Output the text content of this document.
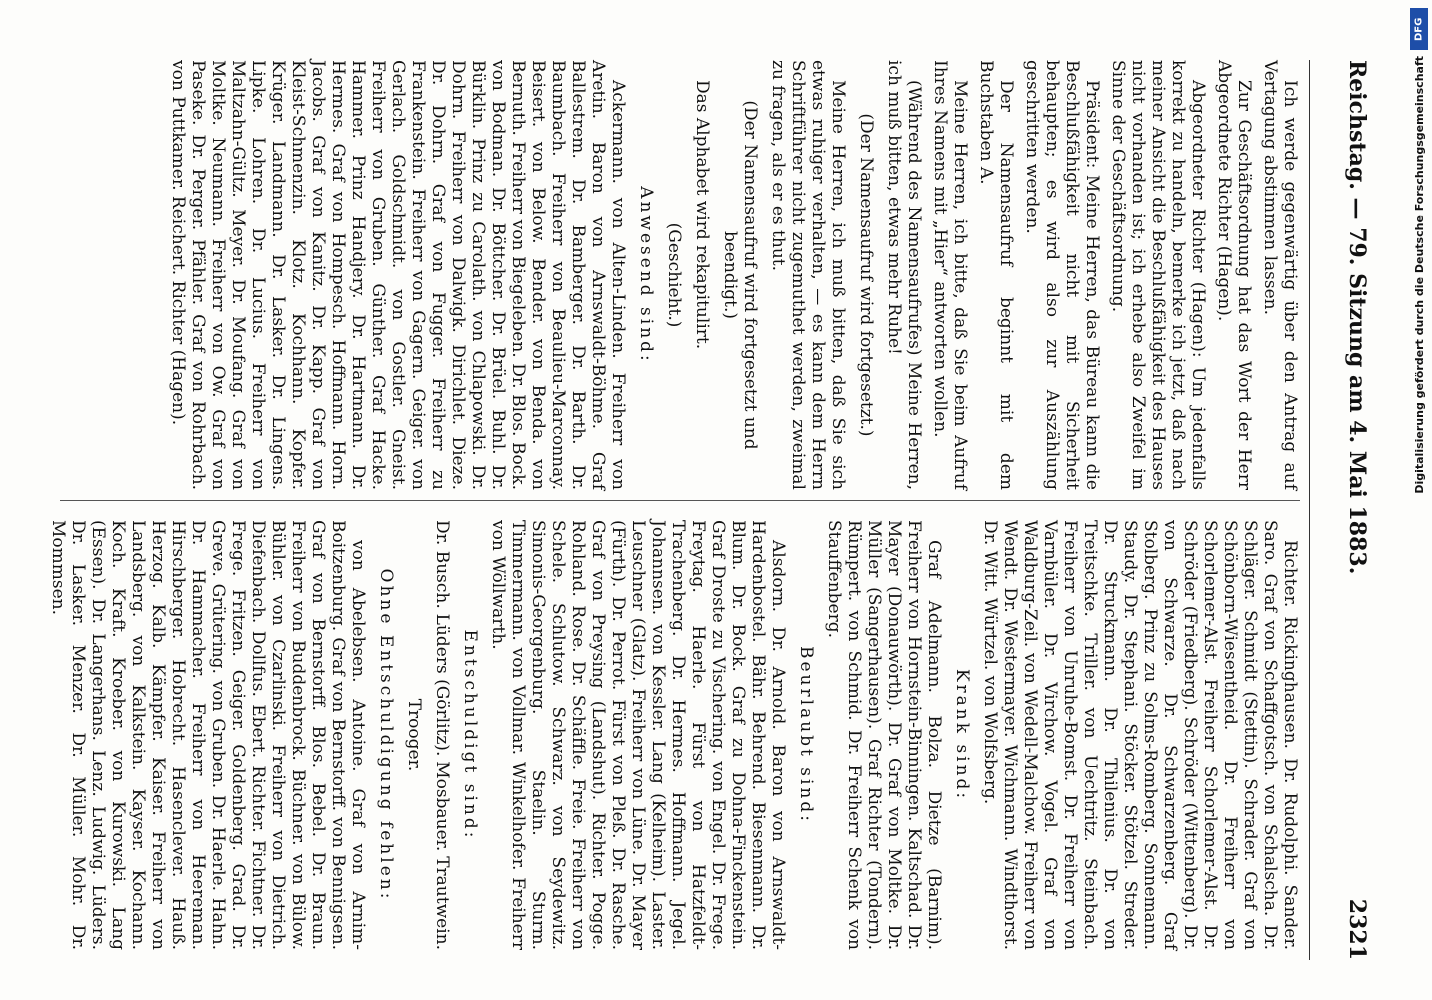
Reichstag. — 79. Sitzung am 4. Mai 1883.
2321

Ich werde gegenwärtig über den Antrag auf Vertagung abstimmen lassen.

Zur Geschäftsordnung hat das Wort der Herr Abgeordnete Richter (Hagen).

Abgeordneter Richter (Hagen): Um jedenfalls korrekt zu handeln, bemerke ich jetzt, daß nach meiner Ansicht die Beschlußfähigkeit des Hauses nicht vorhanden ist; ich erhebe also Zweifel im Sinne der Geschäftsordnung.

Präsident: Meine Herren, das Büreau kann die Beschlußfähigkeit nicht mit Sicherheit behaupten; es wird also zur Auszählung geschritten werden.

Der Namensaufruf beginnt mit dem Buchstaben A.

Meine Herren, ich bitte, daß Sie beim Aufruf Ihres Namens mit „Hier“ antworten wollen.

(Während des Namensaufrufes) Meine Herren, ich muß bitten, etwas mehr Ruhe!

(Der Namensaufruf wird fortgesetzt.)

Meine Herren, ich muß bitten, daß Sie sich etwas ruhiger verhalten, — es kann dem Herrn Schriftführer nicht zugemuthet werden, zweimal zu fragen, als er es thut.

(Der Namensaufruf wird fortgesetzt und beendigt.)

Das Alphabet wird rekapitulirt.

(Geschieht.)

Anwesend sind:

Ackermann. von Alten-Linden. Freiherr von Aretin. Baron von Arnswaldt-Böhme. Graf Ballestrem. Dr. Bamberger. Dr. Barth. Dr. Baumbach. Freiherr von Beaulieu-Marconnay. Beisert. von Below. Bender. von Benda. von Bernuth. Freiherr von Biegeleben. Dr. Blos. Bock. von Bodman. Dr. Böttcher. Dr. Brüel. Buhl. Dr. Bürklin. Prinz zu Carolath. von Chlapowski. Dr. Dohrn. Freiherr von Dalwigk. Dirichlet. Dieze. Dr. Dohrn. Graf von Fugger. Freiherr zu Frankenstein. Freiherr von Gagern. Geiger. von Gerlach. Goldschmidt. von Gostler. Gneist. Freiherr von Gruben. Günther. Graf Hacke. Hammer. Prinz Handjery. Dr. Hartmann. Dr. Hermes. Graf von Hompesch. Hoffmann. Horn. Jacobs. Graf von Kanitz. Dr. Kapp. Graf von Kleist-Schmenzin. Klotz. Kochhann. Kopfer. Krüger. Landmann. Dr. Lasker. Dr. Lingens. Lipke. Lohren. Dr. Lucius. Freiherr von Maltzahn-Gültz. Meyer. Dr. Moufang. Graf von Moltke. Neumann. Freiherr von Ow. Graf von Paseke. Dr. Perger. Pfähler. Graf von Rohrbach. von Puttkamer. Reichert. Richter (Hagen).

Richter. Rickinghausen. Dr. Rudolphi. Sander. Saro. Graf von Schaffgotsch. von Schalscha. Dr. Schläger. Schmidt (Stettin). Schrader. Graf von Schönborn-Wiesentheid. Dr. Freiherr von Schorlemer-Alst. Freiherr Schorlemer-Alst. Dr. Schröder (Friedberg). Schröder (Wittenberg). Dr. von Schwarze. Dr. Schwarzenberg. Graf Stolberg. Prinz zu Solms-Romberg. Sonnemann. Staudy. Dr. Stephani. Stöcker. Stötzel. Streder. Dr. Struckmann. Dr. Thilenius. Dr. von Treitschke. Triller. von Uechtritz. Steinbach. Freiherr von Unruhe-Bomst. Dr. Freiherr von Varnbüler. Dr. Virchow. Vogel. Graf von Waldburg-Zeil. von Wedell-Malchow. Freiherr von Wendt. Dr. Westermayer. Wichmann. Windthorst. Dr. Witt. Würtzel. von Wolfsberg.

Krank sind:

Graf Adelmann. Bolza. Dietze (Barnim). Freiherr von Hornstein-Binningen. Kaltschad. Dr. Mayer (Donauwörth). Dr. Graf von Moltke. Dr. Müller (Sangerhausen). Graf Richter (Tondern). Rümpert. von Schmid. Dr. Freiherr Schenk von Stauffenberg.

Beurlaubt sind:

Alsdorn. Dr. Arnold. Baron von Arnswaldt-Hardenbostel. Bähr. Behrend. Biesenmann. Dr. Blum. Dr. Bock. Graf zu Dohna-Finckenstein. Graf Droste zu Vischering. von Engel. Dr. Frege. Freytag. Haerle. Fürst von Hatzfeldt-Trachenberg. Dr. Hermes. Hoffmann. Jegel. Johannsen. von Kessler. Lang (Kelheim). Laster. Leuschner (Glatz). Freiherr von Lüne. Dr. Mayer (Fürth). Dr. Perrot. Fürst von Pleß. Dr. Rasche. Graf von Preysing (Landshut). Richter. Pogge. Rohland. Rose. Dr. Schäffle. Freie. Freiherr von Schele. Schlutow. Schwarz. von Seydewitz. Simonis-Georgenburg. Staelin. Sturm. Timmermann. von Vollmar. Winkelhofer. Freiherr von Wöllwarth.

Entschuldigt sind:

Dr. Busch.
Lüders (Görlitz).
Mosbauer.
Trautwein.

Trooger.

Ohne Entschuldigung fehlen:

von Abelebsen. Antoine. Graf von Arnim-Boitzenburg. Graf von Bernstorff. von Bennigsen. Graf von Bernstorff. Blos. Bebel. Dr. Braun. Freiherr von Buddenbrock. Büchner. von Bülow. Bühler. von Czarlinski. Freiherr von Dietrich. Diefenbach. Dollfus. Ebert. Richter. Fichtner. Dr. Frege. Fritzen. Geiger. Goldenberg. Grad. Dr. Greve. Grütering. von Gruben. Dr. Haerle. Hahn. Dr. Hammacher. Freiherr von Heereman. Hirschberger. Hobrecht. Hasenclever. Hauß. Herzog. Kalb. Kämpfer. Kaiser. Freiherr von Landsberg. von Kalkstein. Kayser. Kochann. Koch. Kraft. Kroeber. von Kurowski. Lang (Essen). Dr. Langerhans. Lenz. Ludwig. Lüders. Dr. Lasker. Menzer. Dr. Müller. Mohr. Dr. Mommsen.

DFG
Digitalisierung gefördert durch die Deutsche Forschungsgemeinschaft
